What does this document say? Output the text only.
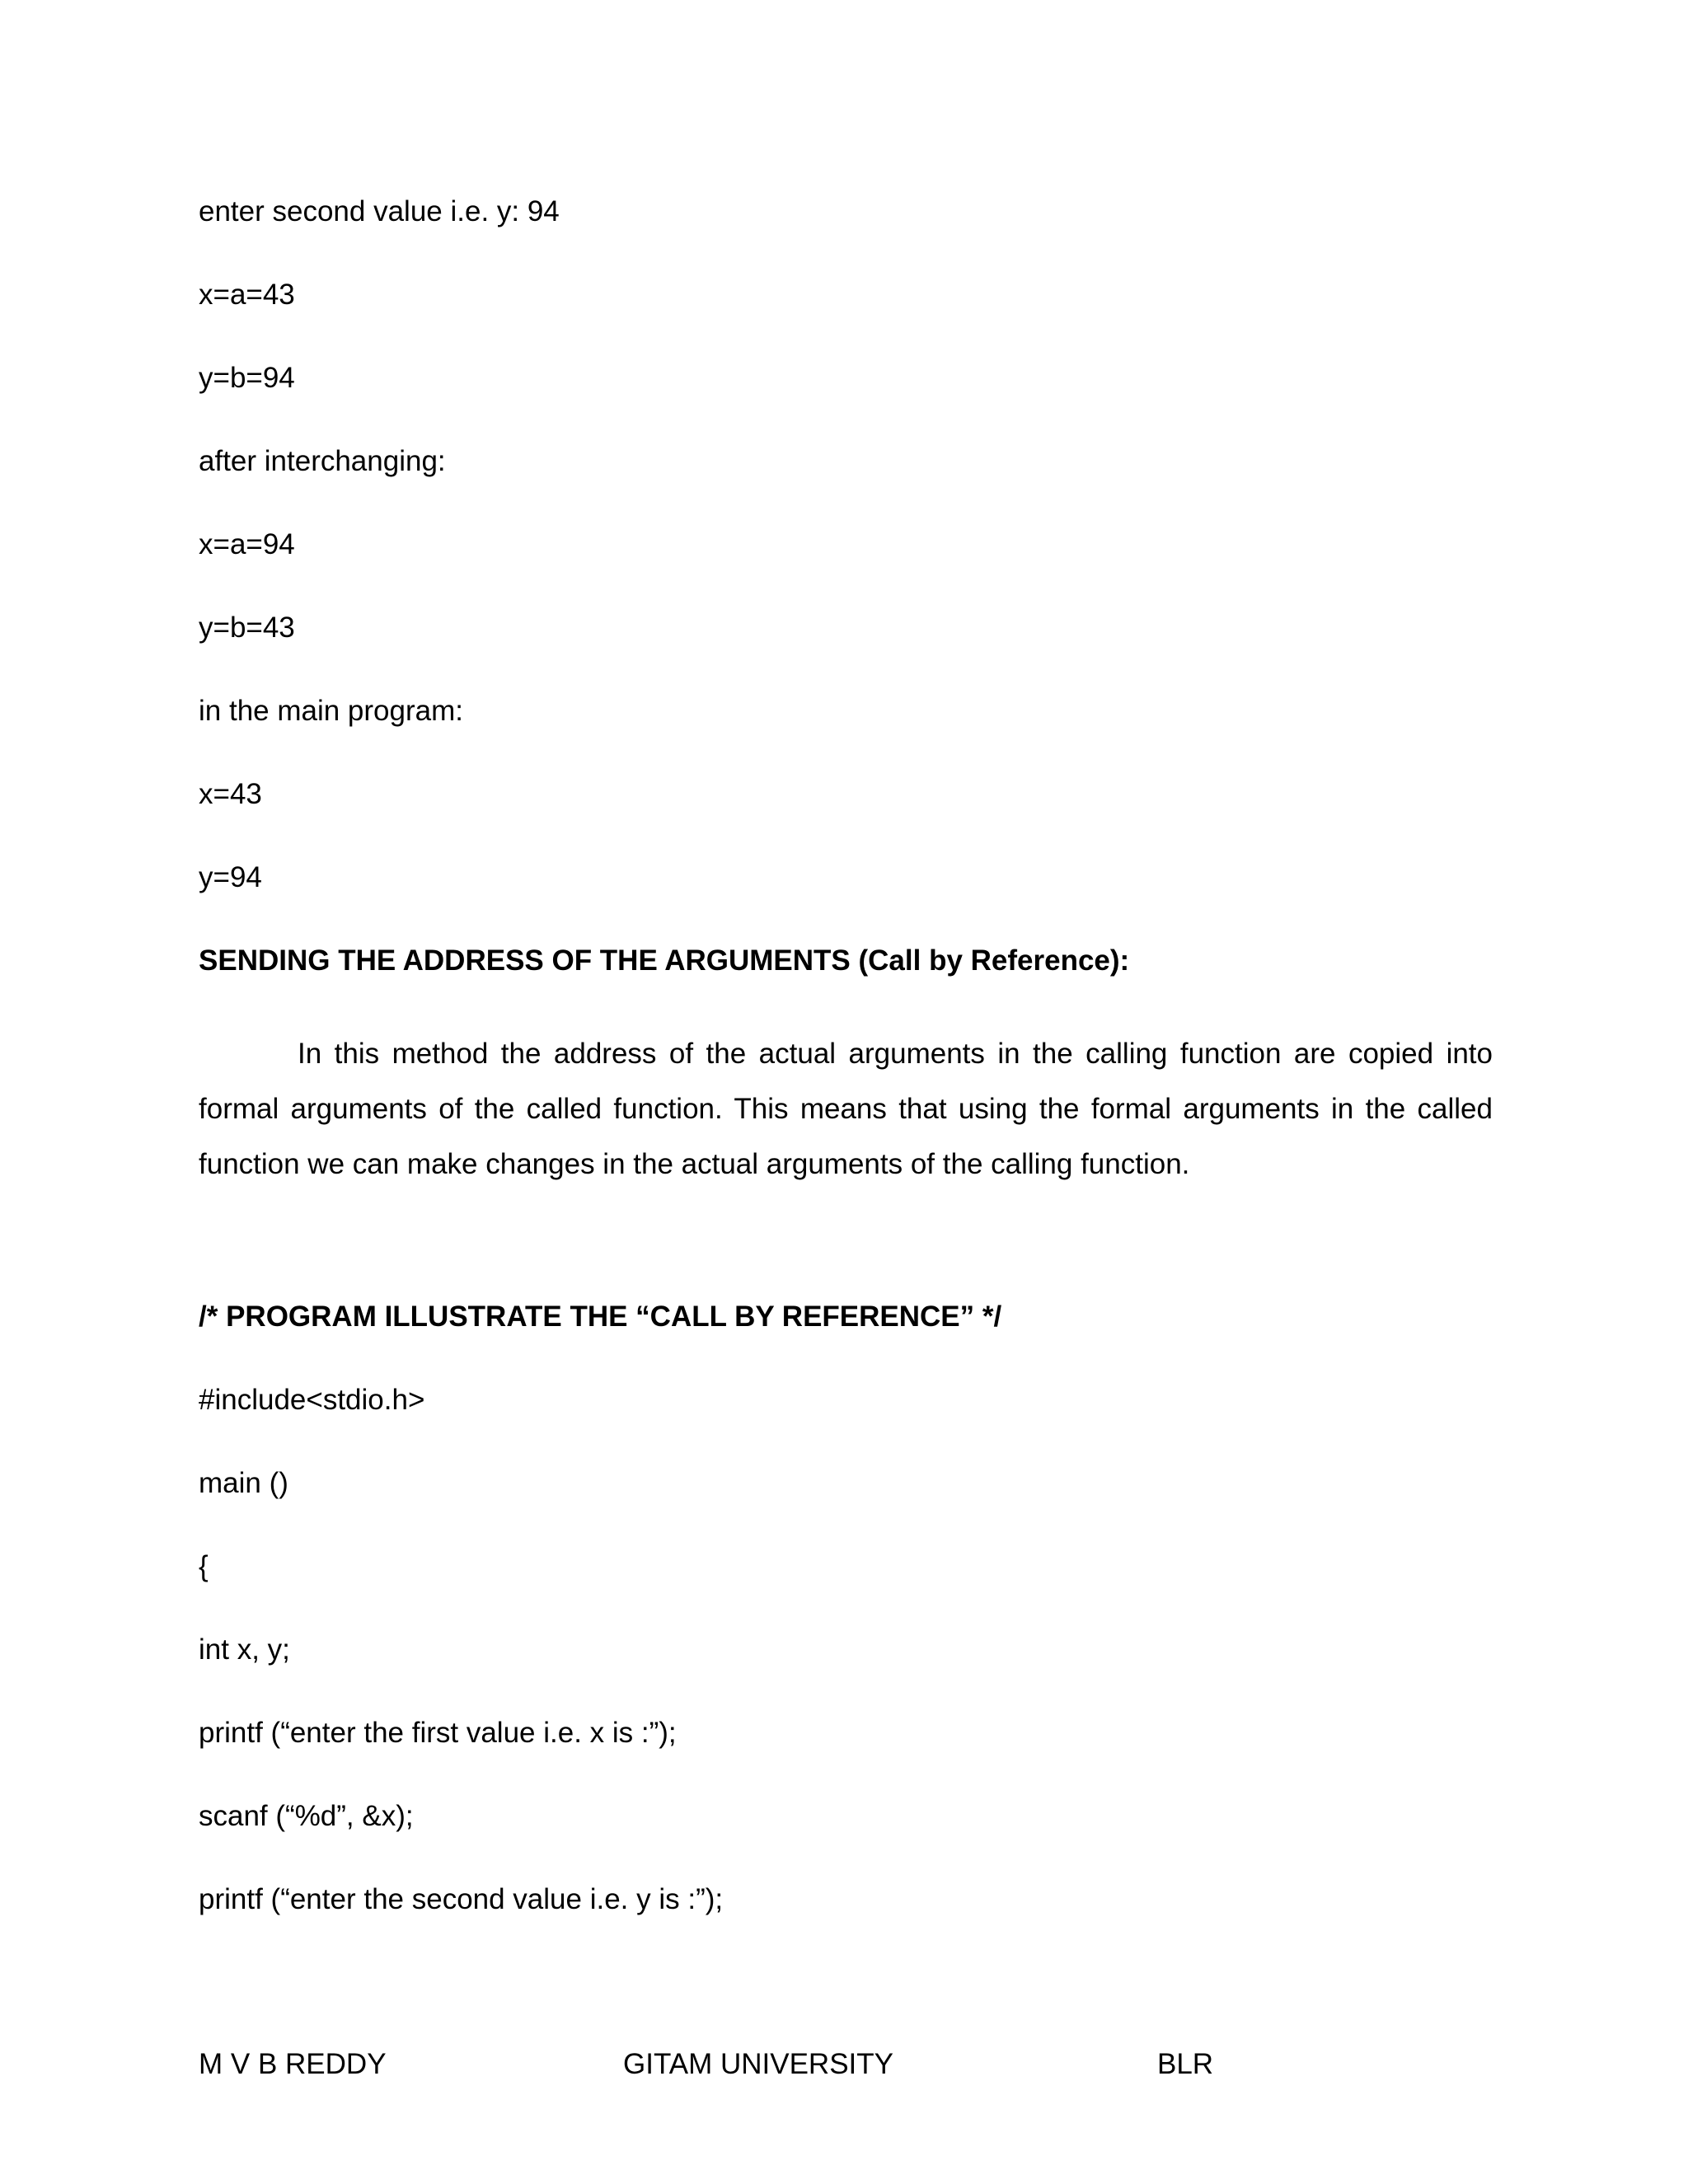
enter second value i.e. y: 94
x=a=43
y=b=94
after interchanging:
x=a=94
y=b=43
in the main program:
x=43
y=94
SENDING THE ADDRESS OF THE ARGUMENTS (Call by Reference):

In this method the address of the actual arguments in the calling function are copied into formal arguments of the called function. This means that using the formal arguments in the called function we can make changes in the actual arguments of the calling function.

/* PROGRAM ILLUSTRATE THE “CALL BY REFERENCE” */
#include<stdio.h>
main ()
{
int x, y;
printf (“enter the first value i.e. x is :”);
scanf (“%d”, &x);
printf (“enter the second value i.e. y is :”);
M V B REDDY	GITAM UNIVERSITY	BLR
